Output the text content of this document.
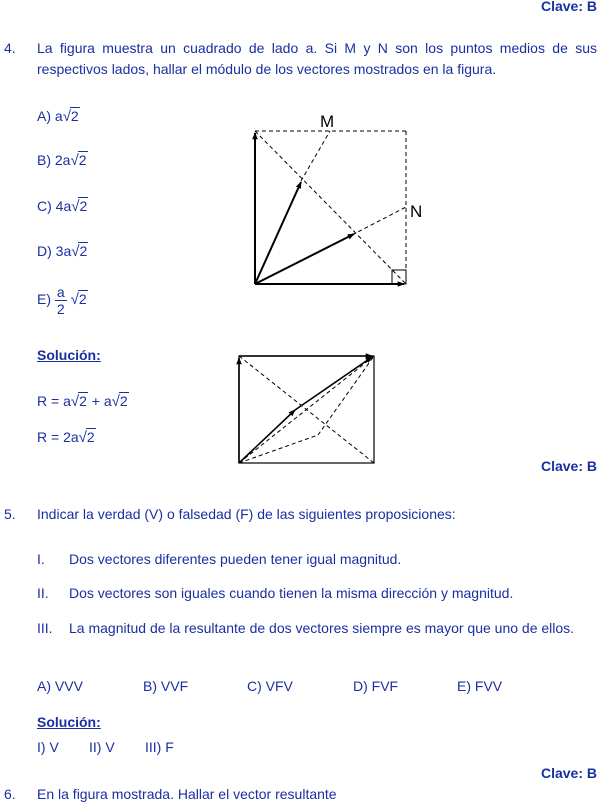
Clave: B
4. La figura muestra un cuadrado de lado a. Si M y N son los puntos medios de sus respectivos lados, hallar el módulo de los vectores mostrados en la figura.
A) a√2
B) 2a√2
C) 4a√2
D) 3a√2
$E) \frac{a}{2} √2$
M
N
Solución:
R = a√2 + a√2
R = 2a√2
Clave: B
5. Indicar la verdad (V) o falsedad (F) de las siguientes proposiciones:
I. Dos vectores diferentes pueden tener igual magnitud.
II. Dos vectores son iguales cuando tienen la misma dirección y magnitud.
III. La magnitud de la resultante de dos vectores siempre es mayor que uno de ellos.
A) VVV	B) VVF	C) VFV	D) FVF	E) FVV
Solución:
I) V II) V III) F
Clave: B
6. En la figura mostrada. Hallar el vector resultante
